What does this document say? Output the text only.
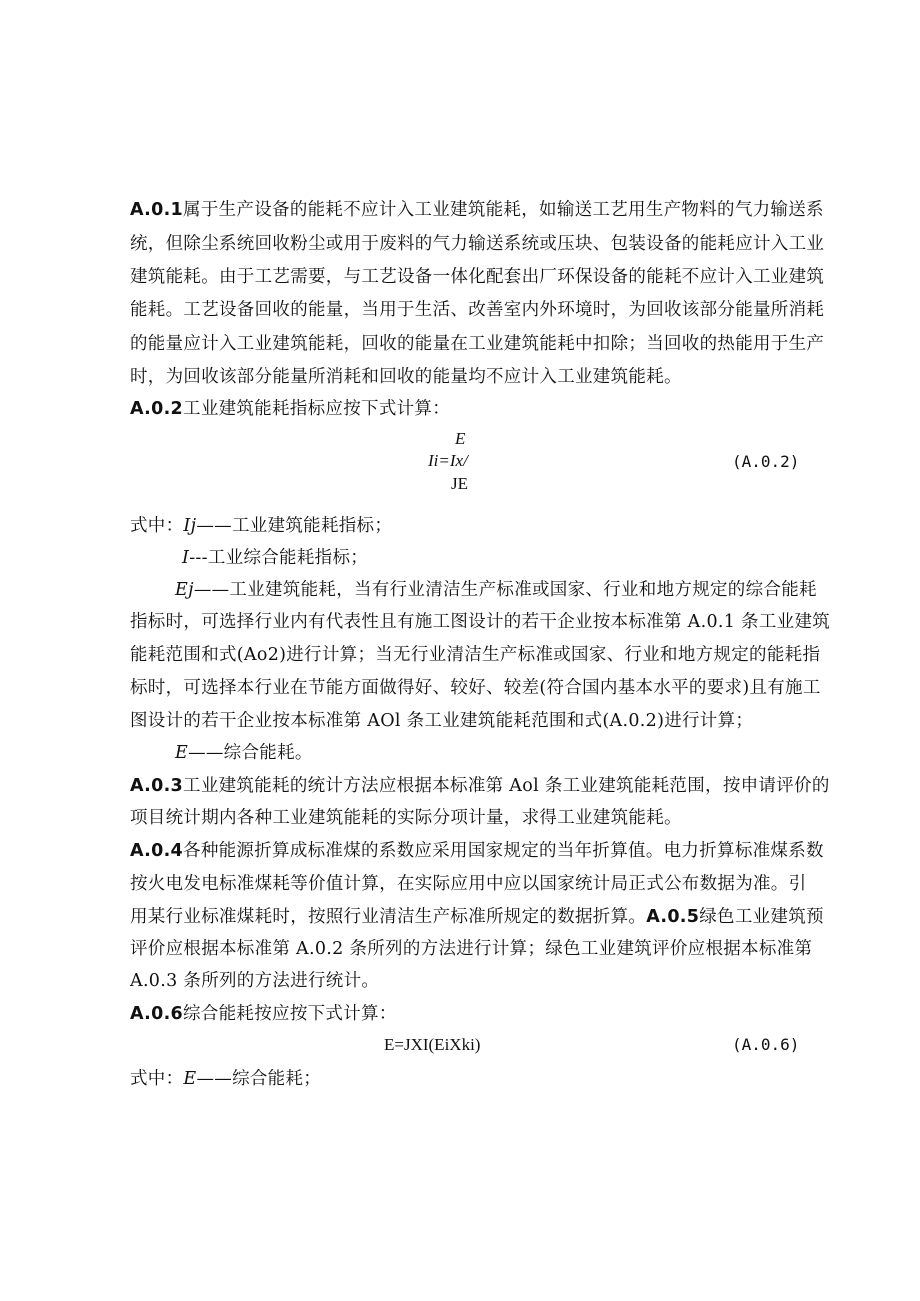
A.0.1属于生产设备的能耗不应计入工业建筑能耗，如输送工艺用生产物料的气力输送系
统，但除尘系统回收粉尘或用于废料的气力输送系统或压块、包装设备的能耗应计入工业
建筑能耗。由于工艺需要，与工艺设备一体化配套出厂环保设备的能耗不应计入工业建筑
能耗。工艺设备回收的能量，当用于生活、改善室内外环境时，为回收该部分能量所消耗
的能量应计入工业建筑能耗，回收的能量在工业建筑能耗中扣除；当回收的热能用于生产
时，为回收该部分能量所消耗和回收的能量均不应计入工业建筑能耗。
A.0.2工业建筑能耗指标应按下式计算：
E
Ii=Ix/
JE
(A.0.2)
式中：Ij——工业建筑能耗指标；
I---工业综合能耗指标；
Ej——工业建筑能耗，当有行业清洁生产标准或国家、行业和地方规定的综合能耗
指标时，可选择行业内有代表性且有施工图设计的若干企业按本标准第 A.0.1 条工业建筑
能耗范围和式(Ao2)进行计算；当无行业清洁生产标准或国家、行业和地方规定的能耗指
标时，可选择本行业在节能方面做得好、较好、较差(符合国内基本水平的要求)且有施工
图设计的若干企业按本标准第 AOl 条工业建筑能耗范围和式(A.0.2)进行计算；
E——综合能耗。
A.0.3工业建筑能耗的统计方法应根据本标准第 Aol 条工业建筑能耗范围，按申请评价的
项目统计期内各种工业建筑能耗的实际分项计量，求得工业建筑能耗。
A.0.4各种能源折算成标准煤的系数应采用国家规定的当年折算值。电力折算标准煤系数
按火电发电标准煤耗等价值计算，在实际应用中应以国家统计局正式公布数据为准。引
用某行业标准煤耗时，按照行业清洁生产标准所规定的数据折算。A.0.5绿色工业建筑预
评价应根据本标准第 A.0.2 条所列的方法进行计算；绿色工业建筑评价应根据本标准第
A.0.3 条所列的方法进行统计。
A.0.6综合能耗按应按下式计算：
E=JXI(EiXki)	(A.0.6)
式中：E——综合能耗；
